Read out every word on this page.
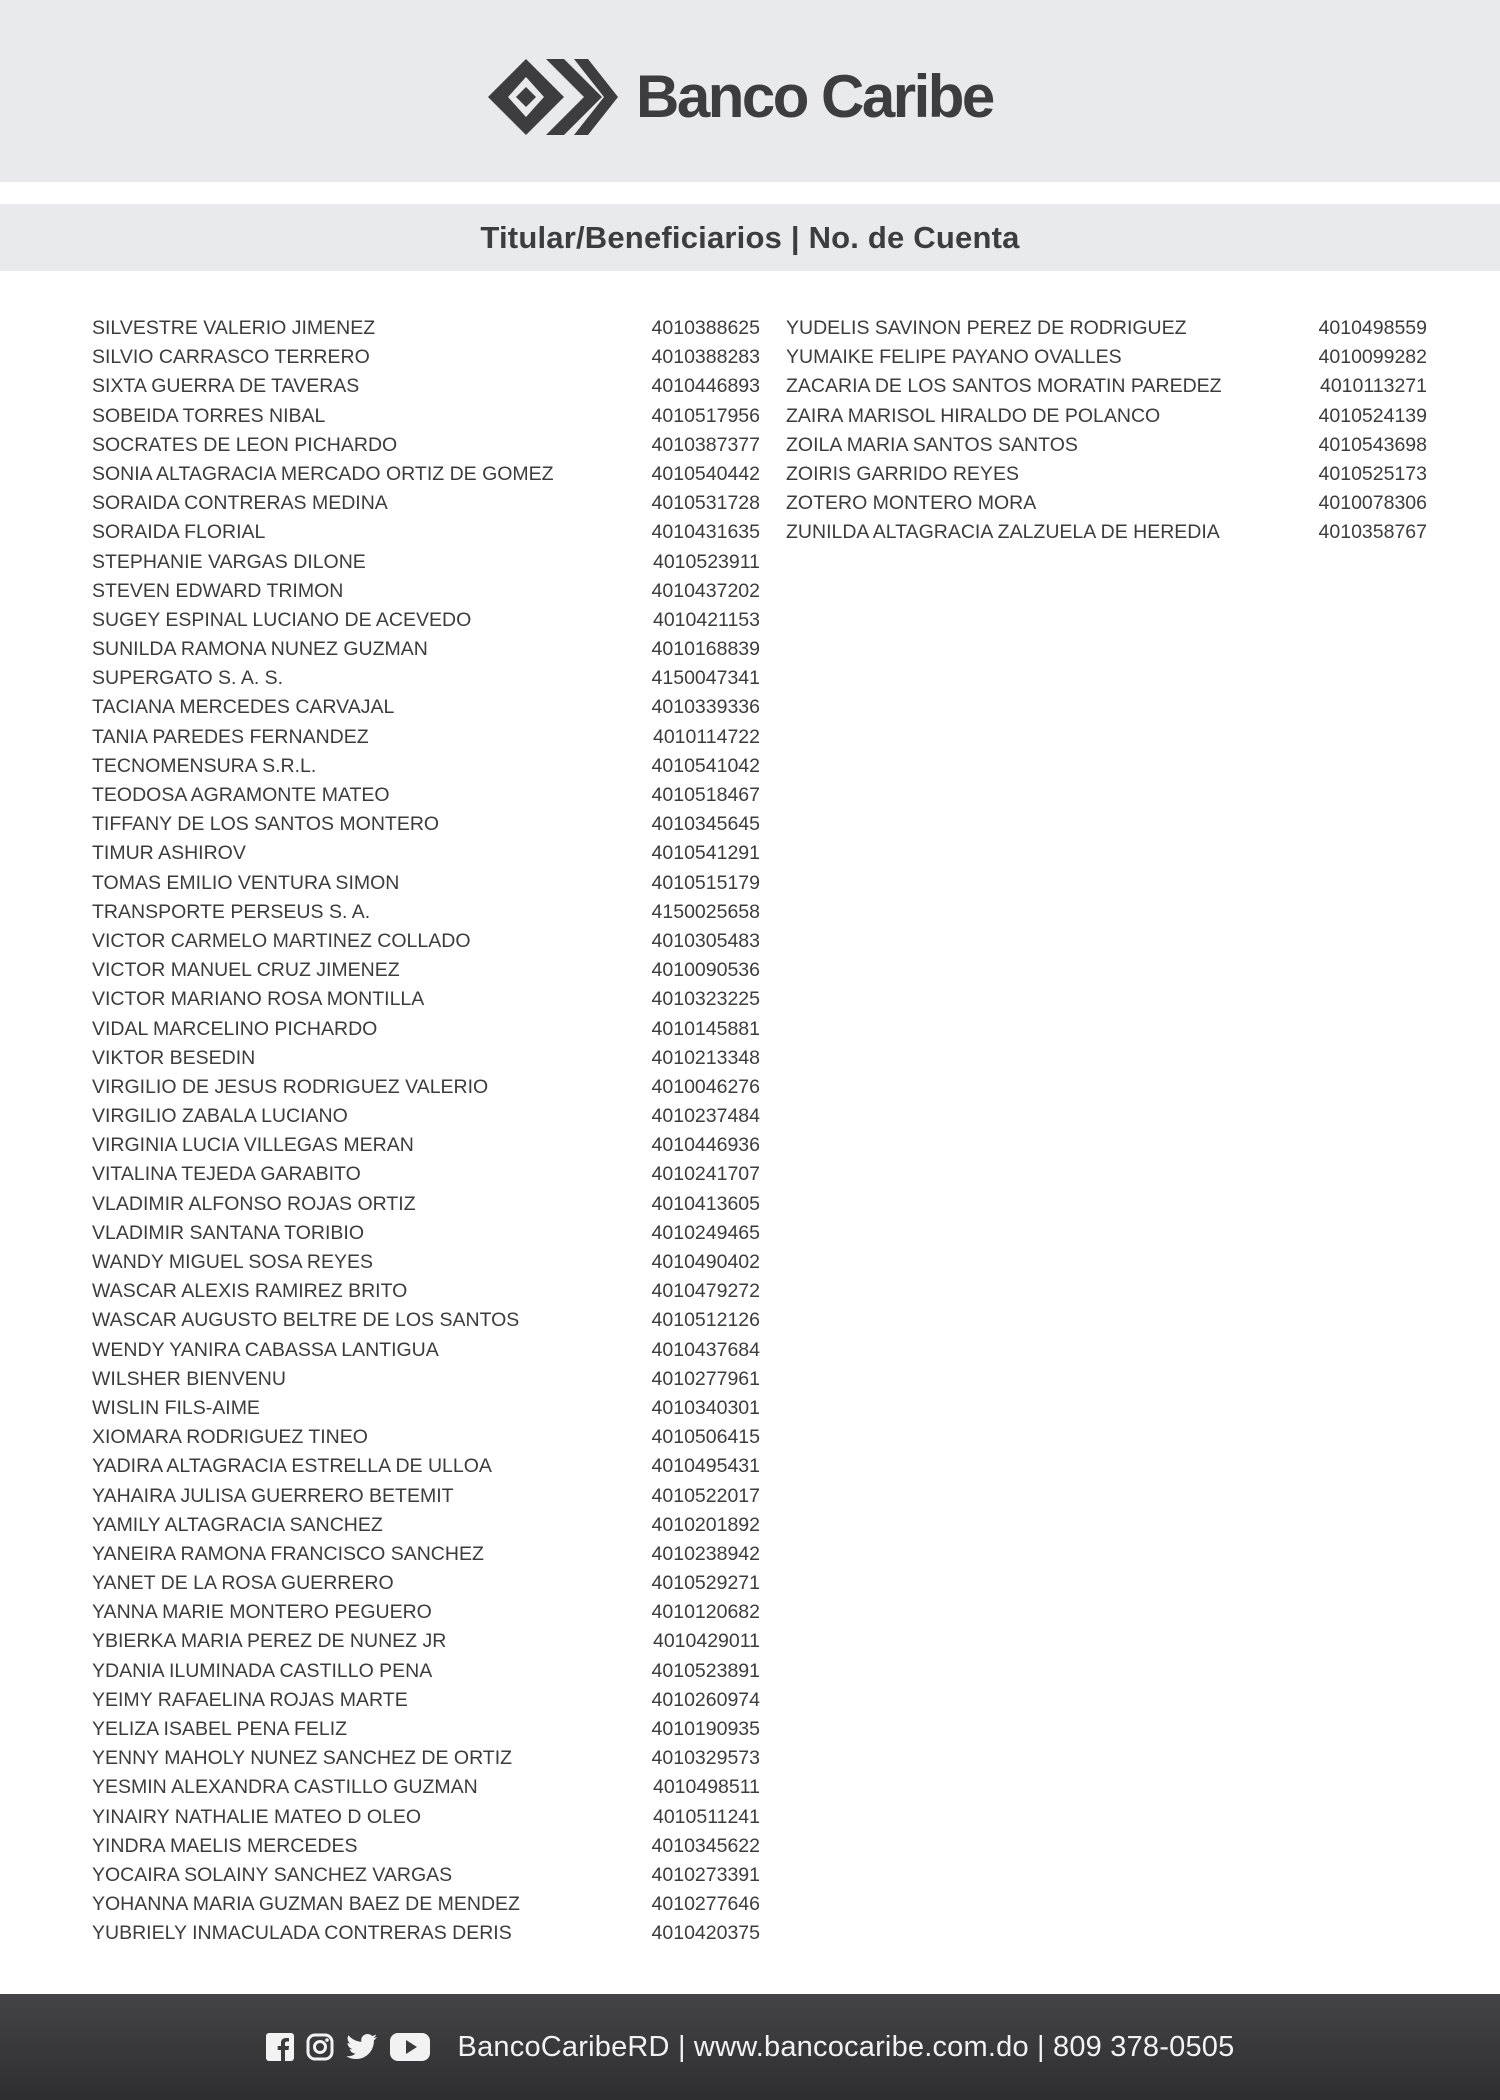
Banco Caribe
Titular/Beneficiarios | No. de Cuenta
SILVESTRE VALERIO JIMENEZ	4010388625
SILVIO CARRASCO TERRERO	4010388283
SIXTA GUERRA DE TAVERAS	4010446893
SOBEIDA TORRES NIBAL	4010517956
SOCRATES DE LEON PICHARDO	4010387377
SONIA ALTAGRACIA MERCADO ORTIZ DE GOMEZ	4010540442
SORAIDA CONTRERAS MEDINA	4010531728
SORAIDA FLORIAL	4010431635
STEPHANIE VARGAS DILONE	4010523911
STEVEN EDWARD TRIMON	4010437202
SUGEY ESPINAL LUCIANO DE ACEVEDO	4010421153
SUNILDA RAMONA NUNEZ GUZMAN	4010168839
SUPERGATO S. A. S.	4150047341
TACIANA MERCEDES CARVAJAL	4010339336
TANIA PAREDES FERNANDEZ	4010114722
TECNOMENSURA S.R.L.	4010541042
TEODOSA AGRAMONTE MATEO	4010518467
TIFFANY DE LOS SANTOS MONTERO	4010345645
TIMUR ASHIROV	4010541291
TOMAS EMILIO VENTURA SIMON	4010515179
TRANSPORTE PERSEUS S. A.	4150025658
VICTOR CARMELO MARTINEZ COLLADO	4010305483
VICTOR MANUEL CRUZ JIMENEZ	4010090536
VICTOR MARIANO ROSA MONTILLA	4010323225
VIDAL MARCELINO PICHARDO	4010145881
VIKTOR BESEDIN	4010213348
VIRGILIO DE JESUS RODRIGUEZ VALERIO	4010046276
VIRGILIO ZABALA LUCIANO	4010237484
VIRGINIA LUCIA VILLEGAS MERAN	4010446936
VITALINA TEJEDA GARABITO	4010241707
VLADIMIR ALFONSO ROJAS ORTIZ	4010413605
VLADIMIR SANTANA TORIBIO	4010249465
WANDY MIGUEL SOSA REYES	4010490402
WASCAR ALEXIS RAMIREZ BRITO	4010479272
WASCAR AUGUSTO BELTRE DE LOS SANTOS	4010512126
WENDY YANIRA CABASSA LANTIGUA	4010437684
WILSHER BIENVENU	4010277961
WISLIN FILS-AIME	4010340301
XIOMARA RODRIGUEZ TINEO	4010506415
YADIRA ALTAGRACIA ESTRELLA DE ULLOA	4010495431
YAHAIRA JULISA GUERRERO BETEMIT	4010522017
YAMILY ALTAGRACIA SANCHEZ	4010201892
YANEIRA RAMONA FRANCISCO SANCHEZ	4010238942
YANET DE LA ROSA GUERRERO	4010529271
YANNA MARIE MONTERO PEGUERO	4010120682
YBIERKA MARIA PEREZ DE NUNEZ JR	4010429011
YDANIA ILUMINADA CASTILLO PENA	4010523891
YEIMY RAFAELINA ROJAS MARTE	4010260974
YELIZA ISABEL PENA FELIZ	4010190935
YENNY MAHOLY NUNEZ SANCHEZ DE ORTIZ	4010329573
YESMIN ALEXANDRA CASTILLO GUZMAN	4010498511
YINAIRY NATHALIE MATEO D OLEO	4010511241
YINDRA MAELIS MERCEDES	4010345622
YOCAIRA SOLAINY SANCHEZ VARGAS	4010273391
YOHANNA MARIA GUZMAN BAEZ DE MENDEZ	4010277646
YUBRIELY INMACULADA CONTRERAS DERIS	4010420375
YUDELIS SAVINON PEREZ DE RODRIGUEZ	4010498559
YUMAIKE FELIPE PAYANO OVALLES	4010099282
ZACARIA DE LOS SANTOS MORATIN PAREDEZ	4010113271
ZAIRA MARISOL HIRALDO DE POLANCO	4010524139
ZOILA MARIA SANTOS SANTOS	4010543698
ZOIRIS GARRIDO REYES	4010525173
ZOTERO MONTERO MORA	4010078306
ZUNILDA ALTAGRACIA ZALZUELA DE HEREDIA	4010358767
BancoCaribeRD | www.bancocaribe.com.do | 809 378-0505
